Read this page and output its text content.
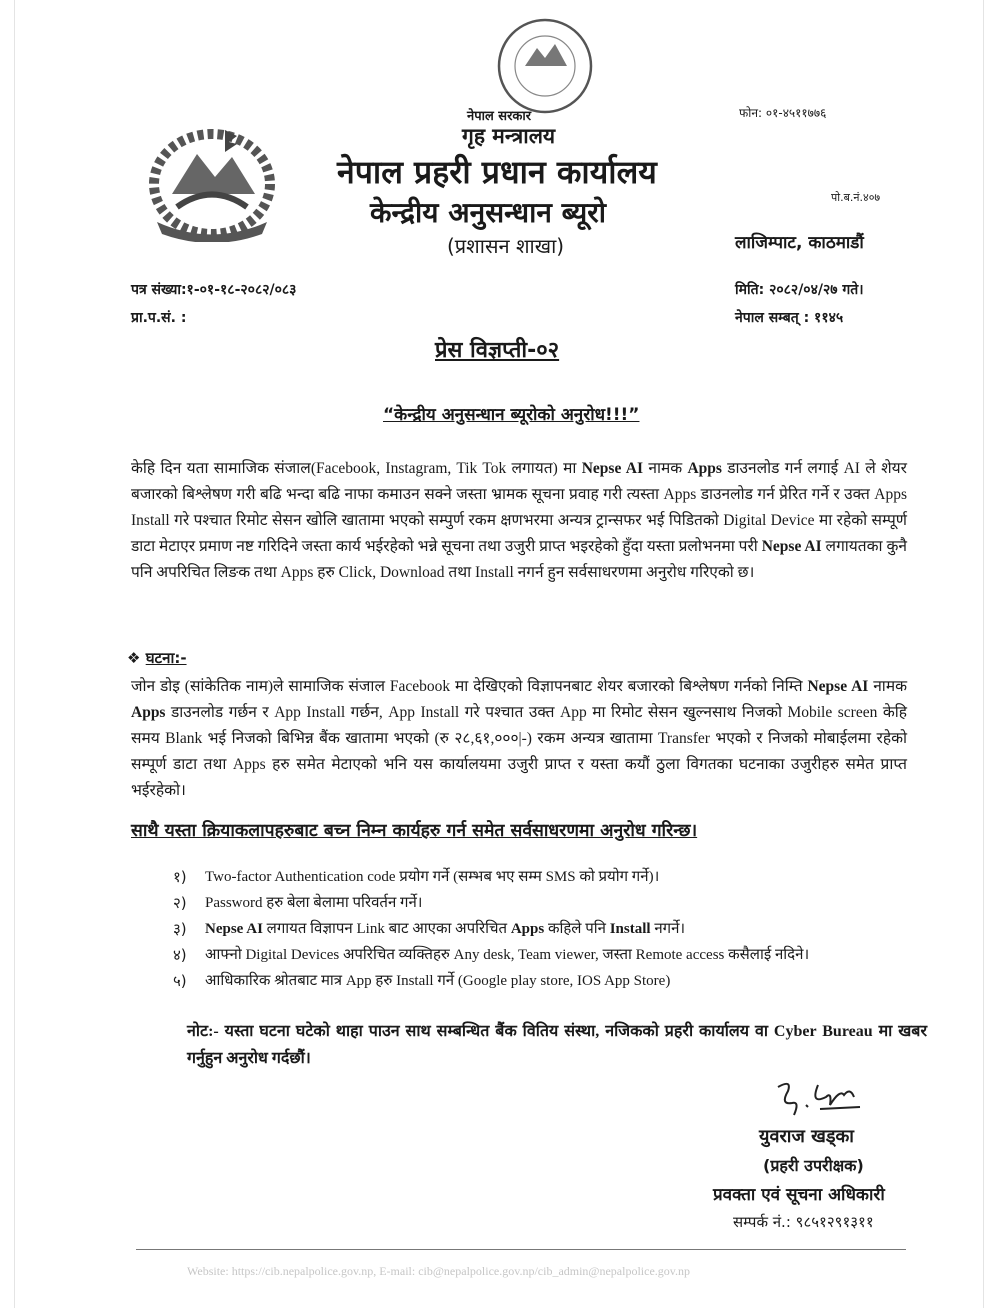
नेपाल सरकार
गृह मन्त्रालय
नेपाल प्रहरी प्रधान कार्यालय
केन्द्रीय अनुसन्धान ब्यूरो
(प्रशासन शाखा)
फोन: ०१-४५११७७६
पो.ब.नं.४०७
लाजिम्पाट, काठमाडौं
पत्र संख्या:१-०१-१८-२०८२/०८३
प्रा.प.सं. :
मिति: २०८२/०४/२७ गते।
नेपाल सम्बत् : ११४५
प्रेस विज्ञप्ती-०२
“केन्द्रीय अनुसन्धान ब्यूरोको अनुरोध!!!”
केहि दिन यता सामाजिक संजाल(Facebook, Instagram, Tik Tok लगायत) मा Nepse AI नामक Apps डाउनलोड गर्न लगाई AI ले शेयर बजारको बिश्लेषण गरी बढि भन्दा बढि नाफा कमाउन सक्ने जस्ता भ्रामक सूचना प्रवाह गरी त्यस्ता Apps डाउनलोड गर्न प्रेरित गर्ने र उक्त Apps Install गरे पश्चात रिमोट सेसन खोलि खातामा भएको सम्पुर्ण रकम क्षणभरमा अन्यत्र ट्रान्सफर भई पिडितको Digital Device मा रहेको सम्पूर्ण डाटा मेटाएर प्रमाण नष्ट गरिदिने जस्ता कार्य भईरहेको भन्ने सूचना तथा उजुरी प्राप्त भइरहेको हुँदा यस्ता प्रलोभनमा परी Nepse AI लगायतका कुनै पनि अपरिचित लिङक तथा Apps हरु Click, Download तथा Install नगर्न हुन सर्वसाधरणमा अनुरोध गरिएको छ।
❖ घटना:-
जोन डोइ (सांकेतिक नाम)ले सामाजिक संजाल Facebook मा देखिएको विज्ञापनबाट शेयर बजारको बिश्लेषण गर्नको निम्ति Nepse AI नामक Apps डाउनलोड गर्छन र App Install गर्छन, App Install गरे पश्चात उक्त App मा रिमोट सेसन खुल्नसाथ निजको Mobile screen केहि समय Blank भई निजको बिभिन्न बैंक खातामा भएको (रु २८,६१,०००|-) रकम अन्यत्र खातामा Transfer भएको र निजको मोबाईलमा रहेको सम्पूर्ण डाटा तथा Apps हरु समेत मेटाएको भनि यस कार्यालयमा उजुरी प्राप्त र यस्ता कयौं ठुला विगतका घटनाका उजुरीहरु समेत प्राप्त भईरहेको।
साथै यस्ता क्रियाकलापहरुबाट बच्न निम्न कार्यहरु गर्न समेत सर्वसाधरणमा अनुरोध गरिन्छ।
१)	Two-factor Authentication code प्रयोग गर्ने (सम्भब भए सम्म SMS को प्रयोग गर्ने)।
२)	Password हरु बेला बेलामा परिवर्तन गर्ने।
३)	Nepse AI लगायत विज्ञापन Link बाट आएका अपरिचित Apps कहिले पनि Install नगर्ने।
४)	आफ्नो Digital Devices अपरिचित व्यक्तिहरु Any desk, Team viewer, जस्ता Remote access कसैलाई नदिने।
५)	आधिकारिक श्रोतबाट मात्र App हरु Install गर्ने (Google play store, IOS App Store)
नोट:- यस्ता घटना घटेको थाहा पाउन साथ सम्बन्धित बैंक वितिय संस्था, नजिकको प्रहरी कार्यालय वा Cyber Bureau मा खबर गर्नुहुन अनुरोध गर्दछौं।
युवराज खड्का
(प्रहरी उपरीक्षक)
प्रवक्ता एवं सूचना अधिकारी
सम्पर्क नं.: ९८५१२९१३११
Website: https://cib.nepalpolice.gov.np, E-mail: cib@nepalpolice.gov.np/cib_admin@nepalpolice.gov.np
